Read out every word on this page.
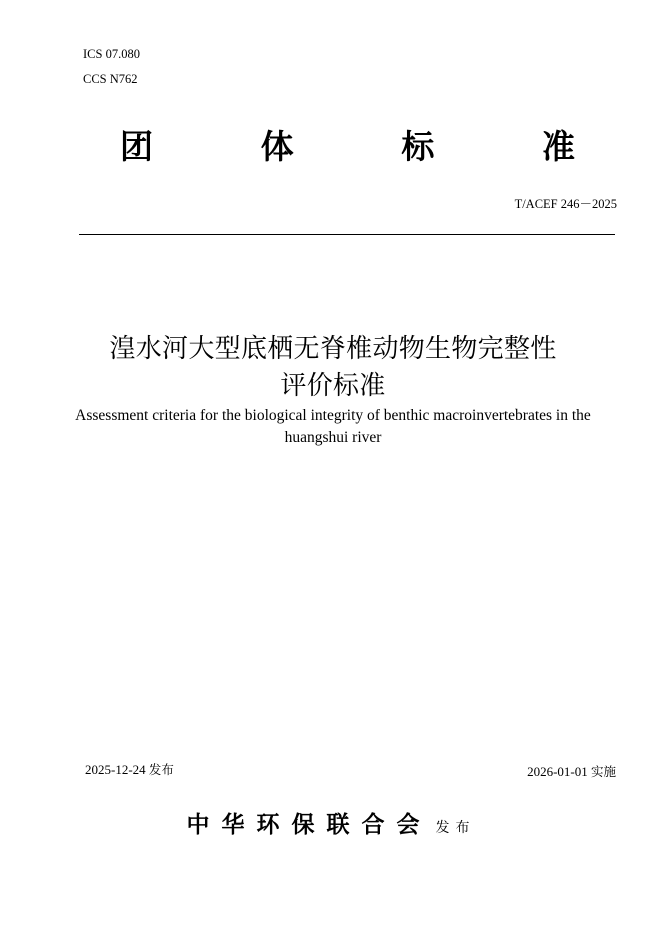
ICS 07.080
CCS N762
团	体	标	准
T/ACEF 246－2025
湟水河大型底栖无脊椎动物生物完整性
评价标准
Assessment criteria for the biological integrity of benthic macroinvertebrates in the
huangshui river
2025-12-24 发布	2026-01-01 实施
中华环保联合会 发布
